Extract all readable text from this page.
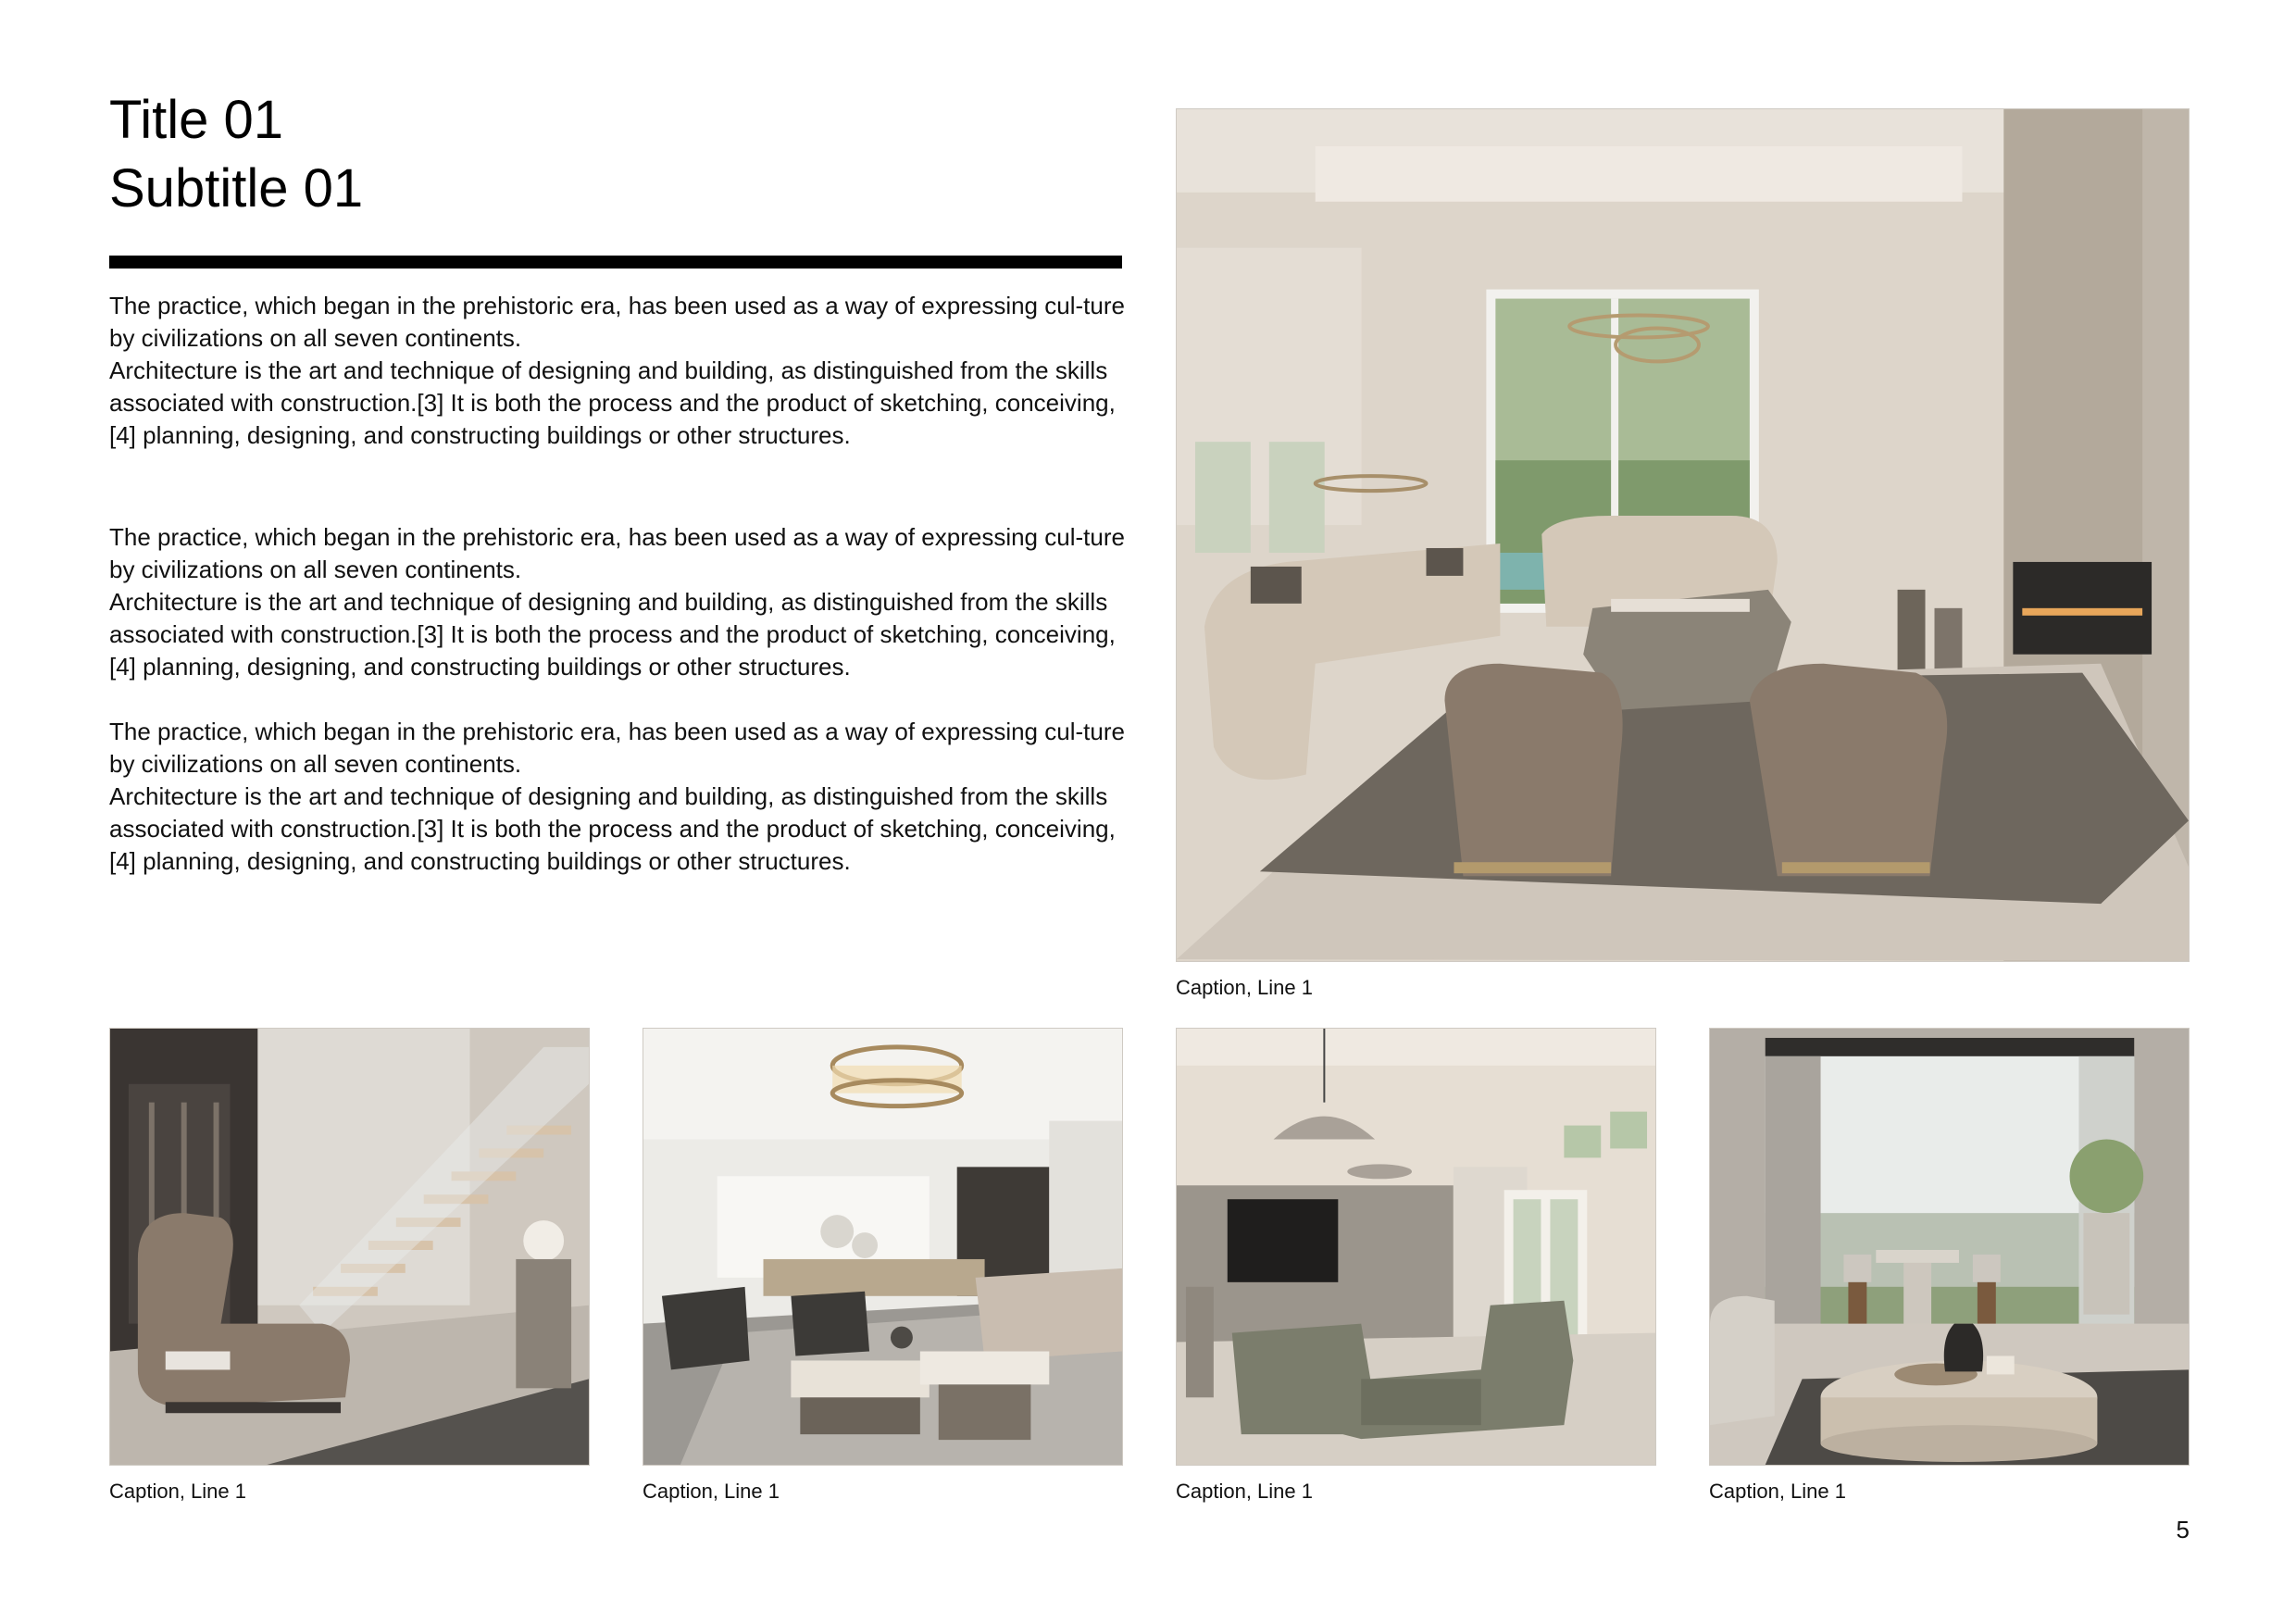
Title 01
Subtitle 01

The practice, which began in the prehistoric era, has been used as a way of expressing cul-ture by civilizations on all seven continents.

Architecture is the art and technique of designing and building, as distinguished from the skills associated with construction.[3] It is both the process and the product of sketching, conceiving,[4] planning, designing, and constructing buildings or other structures.

The practice, which began in the prehistoric era, has been used as a way of expressing cul-ture by civilizations on all seven continents.

Architecture is the art and technique of designing and building, as distinguished from the skills associated with construction.[3] It is both the process and the product of sketching, conceiving,[4] planning, designing, and constructing buildings or other structures.

The practice, which began in the prehistoric era, has been used as a way of expressing cul-ture by civilizations on all seven continents.

Architecture is the art and technique of designing and building, as distinguished from the skills associated with construction.[3] It is both the process and the product of sketching, conceiving,[4] planning, designing, and constructing buildings or other structures.

Caption, Line 1
Caption, Line 1	Caption, Line 1	Caption, Line 1	Caption, Line 1
5
